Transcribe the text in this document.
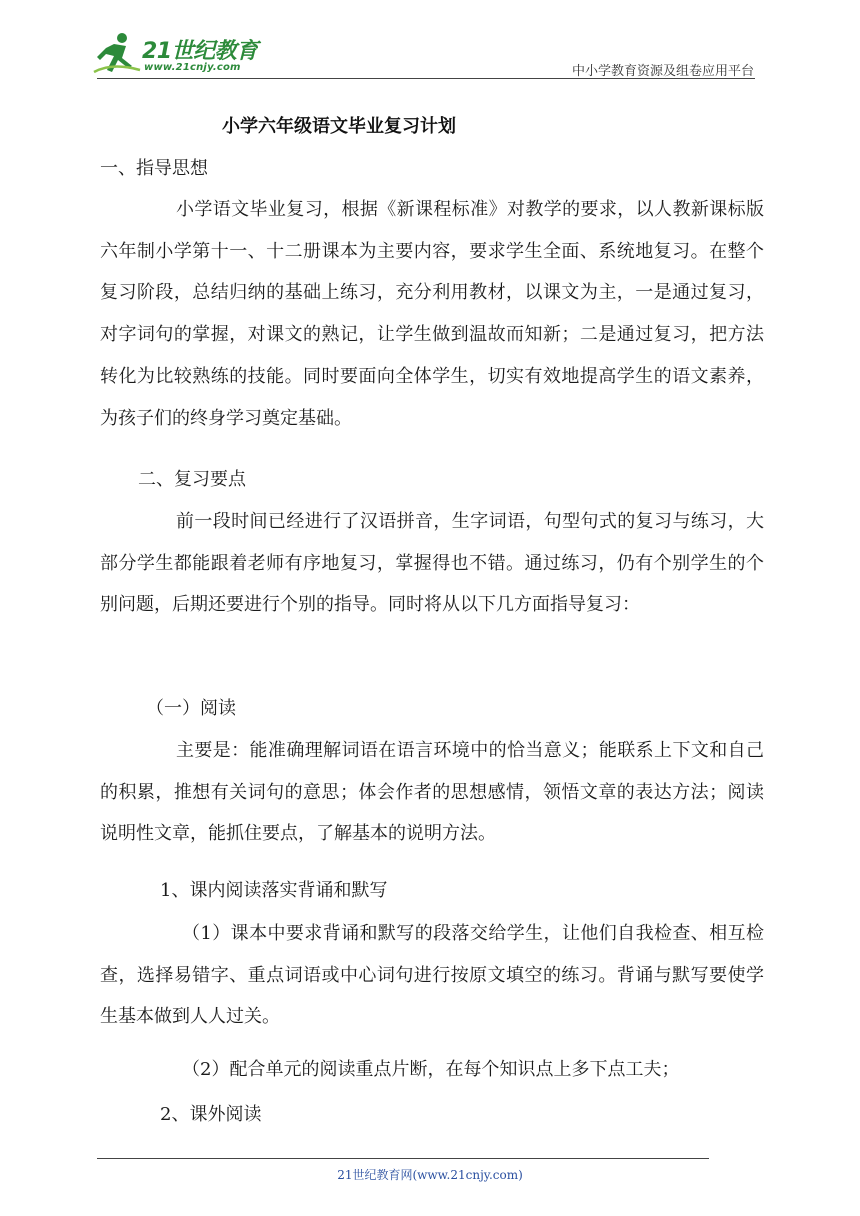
21世纪教育
www.21cnjy.com	中小学教育资源及组卷应用平台
小学六年级语文毕业复习计划
一、指导思想
小学语文毕业复习，根据《新课程标准》对教学的要求，以人教新课标版六年制小学第十一、十二册课本为主要内容，要求学生全面、系统地复习。在整个复习阶段，总结归纳的基础上练习，充分利用教材，以课文为主，一是通过复习，对字词句的掌握，对课文的熟记，让学生做到温故而知新；二是通过复习，把方法转化为比较熟练的技能。同时要面向全体学生，切实有效地提高学生的语文素养，为孩子们的终身学习奠定基础。
二、复习要点
前一段时间已经进行了汉语拼音，生字词语，句型句式的复习与练习，大部分学生都能跟着老师有序地复习，掌握得也不错。通过练习，仍有个别学生的个别问题，后期还要进行个别的指导。同时将从以下几方面指导复习：
（一）阅读
主要是：能准确理解词语在语言环境中的恰当意义；能联系上下文和自己的积累，推想有关词句的意思；体会作者的思想感情，领悟文章的表达方法；阅读说明性文章，能抓住要点，了解基本的说明方法。
1、课内阅读落实背诵和默写
（1）课本中要求背诵和默写的段落交给学生，让他们自我检查、相互检查，选择易错字、重点词语或中心词句进行按原文填空的练习。背诵与默写要使学生基本做到人人过关。
（2）配合单元的阅读重点片断，在每个知识点上多下点工夫；
2、课外阅读
21世纪教育网(www.21cnjy.com)
